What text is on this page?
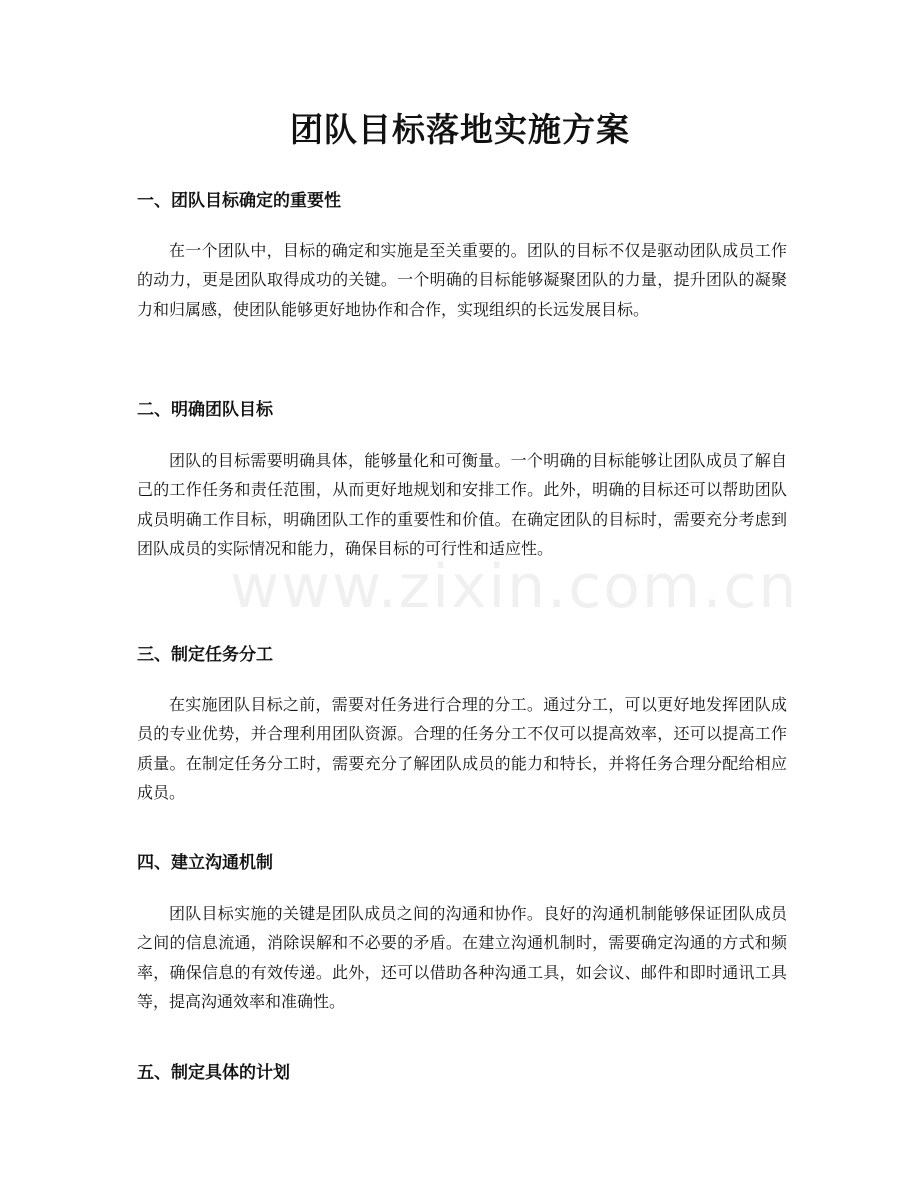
团队目标落地实施方案
一、团队目标确定的重要性

在一个团队中，目标的确定和实施是至关重要的。团队的目标不仅是驱动团队成员工作的动力，更是团队取得成功的关键。一个明确的目标能够凝聚团队的力量，提升团队的凝聚力和归属感，使团队能够更好地协作和合作，实现组织的长远发展目标。

二、明确团队目标

团队的目标需要明确具体，能够量化和可衡量。一个明确的目标能够让团队成员了解自己的工作任务和责任范围，从而更好地规划和安排工作。此外，明确的目标还可以帮助团队成员明确工作目标，明确团队工作的重要性和价值。在确定团队的目标时，需要充分考虑到团队成员的实际情况和能力，确保目标的可行性和适应性。

三、制定任务分工

在实施团队目标之前，需要对任务进行合理的分工。通过分工，可以更好地发挥团队成员的专业优势，并合理利用团队资源。合理的任务分工不仅可以提高效率，还可以提高工作质量。在制定任务分工时，需要充分了解团队成员的能力和特长，并将任务合理分配给相应成员。

四、建立沟通机制

团队目标实施的关键是团队成员之间的沟通和协作。良好的沟通机制能够保证团队成员之间的信息流通，消除误解和不必要的矛盾。在建立沟通机制时，需要确定沟通的方式和频率，确保信息的有效传递。此外，还可以借助各种沟通工具，如会议、邮件和即时通讯工具等，提高沟通效率和准确性。

五、制定具体的计划
www.zixin.com.cn
